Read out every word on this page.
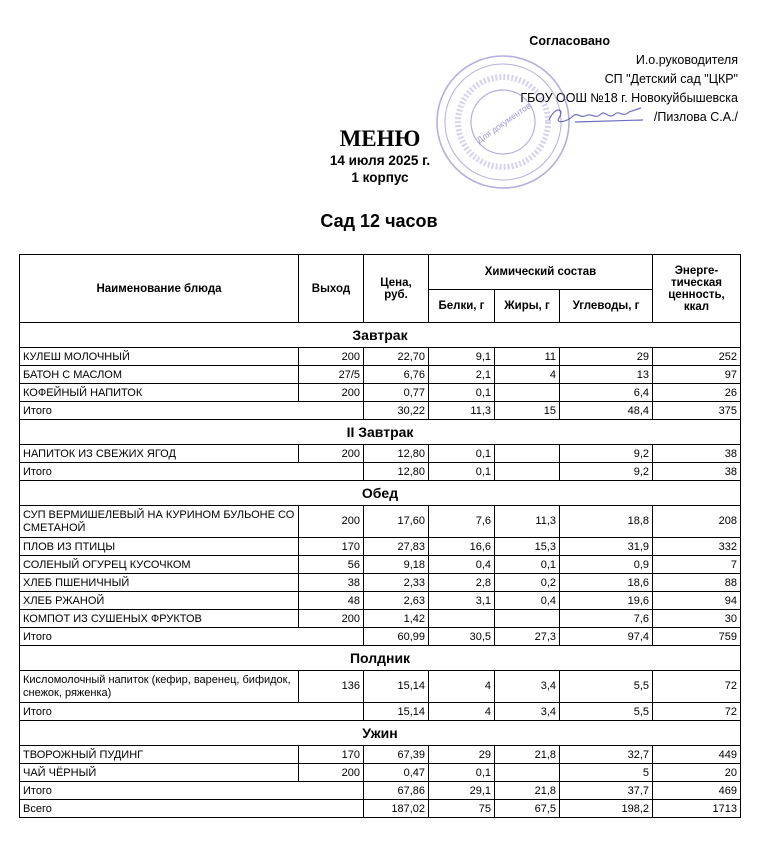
Согласовано
И.о.руководителя
СП "Детский сад "ЦКР"
ГБОУ ООШ №18 г. Новокуйбышевска
/Пизлова С.А./
Для документов
МЕНЮ
14 июля 2025 г.
1 корпус
Сад 12 часов
Наименование блюда	Выход	Цена, руб.	Химический состав			Энерге-тическая ценность, ккал
			Белки, г	Жиры, г	Углеводы, г	
Завтрак						
КУЛЕШ МОЛОЧНЫЙ	200	22,70	9,1	11	29	252
БАТОН С МАСЛОМ	27/5	6,76	2,1	4	13	97
КОФЕЙНЫЙ НАПИТОК	200	0,77	0,1		6,4	26
Итого		30,22	11,3	15	48,4	375
II Завтрак						
НАПИТОК ИЗ СВЕЖИХ ЯГОД	200	12,80	0,1		9,2	38
Итого		12,80	0,1		9,2	38
Обед						
СУП ВЕРМИШЕЛЕВЫЙ НА КУРИНОМ БУЛЬОНЕ СО СМЕТАНОЙ	200	17,60	7,6	11,3	18,8	208
ПЛОВ ИЗ ПТИЦЫ	170	27,83	16,6	15,3	31,9	332
СОЛЕНЫЙ ОГУРЕЦ КУСОЧКОМ	56	9,18	0,4	0,1	0,9	7
ХЛЕБ ПШЕНИЧНЫЙ	38	2,33	2,8	0,2	18,6	88
ХЛЕБ РЖАНОЙ	48	2,63	3,1	0,4	19,6	94
КОМПОТ ИЗ СУШЕНЫХ ФРУКТОВ	200	1,42			7,6	30
Итого		60,99	30,5	27,3	97,4	759
Полдник						
Кисломолочный напиток (кефир, варенец, бифидок, снежок, ряженка)	136	15,14	4	3,4	5,5	72
Итого		15,14	4	3,4	5,5	72
Ужин						
ТВОРОЖНЫЙ ПУДИНГ	170	67,39	29	21,8	32,7	449
ЧАЙ ЧЁРНЫЙ	200	0,47	0,1		5	20
Итого		67,86	29,1	21,8	37,7	469
Всего		187,02	75	67,5	198,2	1713
